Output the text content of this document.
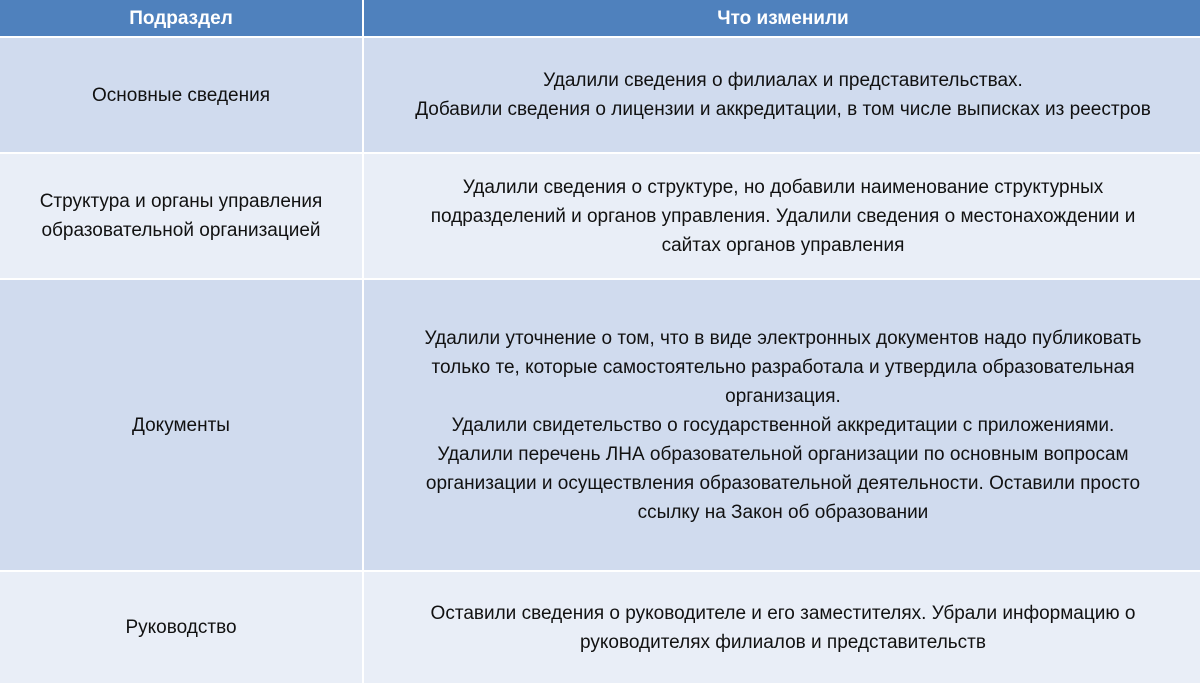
Подраздел	Что изменили
Основные сведения
Удалили сведения о филиалах и представительствах.
Добавили сведения о лицензии и аккредитации, в том числе выписках из реестров
Структура и органы управления
образовательной организацией
Удалили сведения о структуре, но добавили наименование структурных
подразделений и органов управления. Удалили сведения о местонахождении и
сайтах органов управления
Документы
Удалили уточнение о том, что в виде электронных документов надо публиковать
только те, которые самостоятельно разработала и утвердила образовательная
организация.
Удалили свидетельство о государственной аккредитации с приложениями.
Удалили перечень ЛНА образовательной организации по основным вопросам
организации и осуществления образовательной деятельности. Оставили просто
ссылку на Закон об образовании
Руководство
Оставили сведения о руководителе и его заместителях. Убрали информацию о
руководителях филиалов и представительств
